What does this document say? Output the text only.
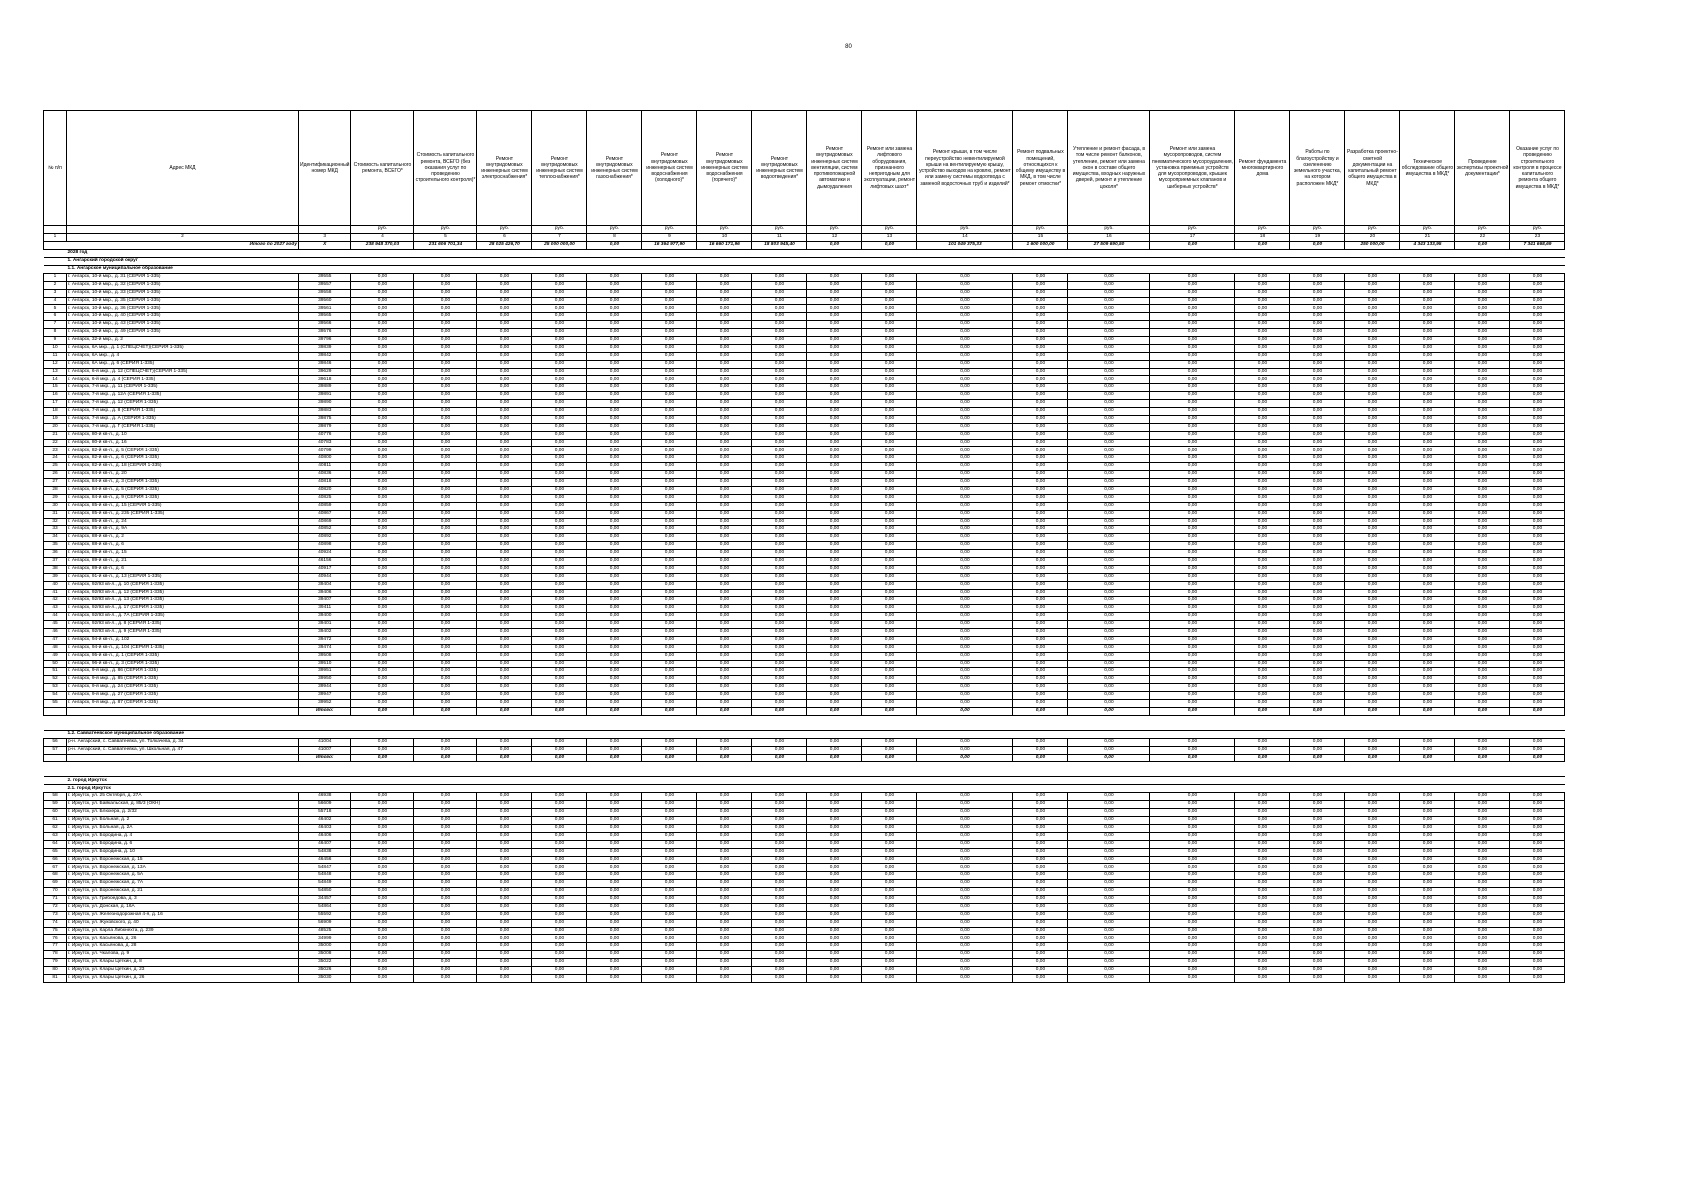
80
№ п/п	Адрес МКД	Идентификационный номер МКД	Стоимость капитального ремонта, ВСЕГО*	Стоимость капитального ремонта, ВСЕГО (без оказания услуг по проведению строительного контроля)*	Ремонт внутридомовых инженерных систем электроснабжения*	Ремонт внутридомовых инженерных систем теплоснабжения*	Ремонт внутридомовых инженерных систем газоснабжения*	Ремонт внутридомовых инженерных систем водоснабжения (холодного)*	Ремонт внутридомовых инженерных систем водоснабжения (горячего)*	Ремонт внутридомовых инженерных систем водоотведения*	Ремонт внутридомовых инженерных систем вентиляции, систем противопожарной автоматики и дымоудаления	Ремонт или замена лифтового оборудования, признанного непригодным для эксплуатации, ремонт лифтовых шахт*	Ремонт крыши, в том числе переустройство невентилируемой крыши на вентилируемую крышу, устройство выходов на кровлю, ремонт или замену системы водоотвода с заменой водосточных труб и изделий*	Ремонт подвальных помещений, относящихся к общему имуществу в МКД, в том числе ремонт отмостки*	Утепление и ремонт фасада, в том числе ремонт балконов, утепление, ремонт или замена окон в составе общего имущества, входных наружных дверей, ремонт и утепление цоколя*	Ремонт или замена мусоропроводов, систем пневматического мусороудаления, установка приемных устройств для мусоропроводов, крышек мусороприемных клапанов и шиберных устройств*	Ремонт фундамента многоквартирного дома	Работы по благоустройству и озеленению земельного участка, на котором расположен МКД*	Разработка проектно-сметной документации на капитальный ремонт общего имущества в МКД*	Техническое обследование общего имущества в МКД*	Проведение экспертизы проектной документации*	Оказание услуг по проведению строительного контроля в процессе капитального ремонта общего имущества в МКД*
			руб.	руб.	руб.	руб.	руб.	руб.	руб.	руб.	руб.	руб.	руб.	руб.	руб.	руб.	руб.	руб.	руб.	руб.	руб.	руб.
1	2	3	4	5	6	7	8	9	10	11	12	13	14	15	16	17	18	19	20	21	22	23
Итого по 2027 году		Х	238 948 370,03	231 606 701,34	28 025 426,70	25 000 000,00	0,00	16 364 977,90	16 660 171,96	18 803 945,40	0,00	0,00	101 049 375,33	1 600 000,00	27 509 690,50	0,00	0,00	0,00	250 000,00	4 343 133,95	0,00	7 341 668,69
	2028 год																					
	1. Ангарский городской округ																					
	1.1. Ангарское муниципальное образование																					
1	г. Ангарск, 10-й мкр., д. 31 (СЕРИЯ 1-335)	39555	0,00	0,00	0,00	0,00	0,00	0,00	0,00	0,00	0,00	0,00	0,00	0,00	0,00	0,00	0,00	0,00	0,00	0,00	0,00	0,00
2	г. Ангарск, 10-й мкр., д. 32 (СЕРИЯ 1-335)	39557	0,00	0,00	0,00	0,00	0,00	0,00	0,00	0,00	0,00	0,00	0,00	0,00	0,00	0,00	0,00	0,00	0,00	0,00	0,00	0,00
3	г. Ангарск, 10-й мкр., д. 33 (СЕРИЯ 1-335)	39558	0,00	0,00	0,00	0,00	0,00	0,00	0,00	0,00	0,00	0,00	0,00	0,00	0,00	0,00	0,00	0,00	0,00	0,00	0,00	0,00
4	г. Ангарск, 10-й мкр., д. 35 (СЕРИЯ 1-335)	39560	0,00	0,00	0,00	0,00	0,00	0,00	0,00	0,00	0,00	0,00	0,00	0,00	0,00	0,00	0,00	0,00	0,00	0,00	0,00	0,00
5	г. Ангарск, 10-й мкр., д. 36 (СЕРИЯ 1-335)	39561	0,00	0,00	0,00	0,00	0,00	0,00	0,00	0,00	0,00	0,00	0,00	0,00	0,00	0,00	0,00	0,00	0,00	0,00	0,00	0,00
6	г. Ангарск, 10-й мкр., д. 40 (СЕРИЯ 1-335)	39565	0,00	0,00	0,00	0,00	0,00	0,00	0,00	0,00	0,00	0,00	0,00	0,00	0,00	0,00	0,00	0,00	0,00	0,00	0,00	0,00
7	г. Ангарск, 10-й мкр., д. 43 (СЕРИЯ 1-335)	39566	0,00	0,00	0,00	0,00	0,00	0,00	0,00	0,00	0,00	0,00	0,00	0,00	0,00	0,00	0,00	0,00	0,00	0,00	0,00	0,00
8	г. Ангарск, 10-й мкр., д. 49 (СЕРИЯ 1-335)	39576	0,00	0,00	0,00	0,00	0,00	0,00	0,00	0,00	0,00	0,00	0,00	0,00	0,00	0,00	0,00	0,00	0,00	0,00	0,00	0,00
9	г. Ангарск, 32-й мкр., д. 2	39796	0,00	0,00	0,00	0,00	0,00	0,00	0,00	0,00	0,00	0,00	0,00	0,00	0,00	0,00	0,00	0,00	0,00	0,00	0,00	0,00
10	г. Ангарск, 6А мкр., д. 1 (СПЕЦСЧЕТ)(СЕРИЯ 1-335)	39839	0,00	0,00	0,00	0,00	0,00	0,00	0,00	0,00	0,00	0,00	0,00	0,00	0,00	0,00	0,00	0,00	0,00	0,00	0,00	0,00
11	г. Ангарск, 6А мкр., д. 4	39842	0,00	0,00	0,00	0,00	0,00	0,00	0,00	0,00	0,00	0,00	0,00	0,00	0,00	0,00	0,00	0,00	0,00	0,00	0,00	0,00
12	г. Ангарск, 6А мкр., д. 6 (СЕРИЯ 1-335)	39846	0,00	0,00	0,00	0,00	0,00	0,00	0,00	0,00	0,00	0,00	0,00	0,00	0,00	0,00	0,00	0,00	0,00	0,00	0,00	0,00
13	г. Ангарск, 6-й мкр., д. 12 (СПЕЦСЧЕТ)(СЕРИЯ 1-335)	39629	0,00	0,00	0,00	0,00	0,00	0,00	0,00	0,00	0,00	0,00	0,00	0,00	0,00	0,00	0,00	0,00	0,00	0,00	0,00	0,00
14	г. Ангарск, 6-й мкр., д. 4 (СЕРИЯ 1-335)	39618	0,00	0,00	0,00	0,00	0,00	0,00	0,00	0,00	0,00	0,00	0,00	0,00	0,00	0,00	0,00	0,00	0,00	0,00	0,00	0,00
15	г. Ангарск, 7-й мкр., д. 11 (СЕРИЯ 1-335)	39889	0,00	0,00	0,00	0,00	0,00	0,00	0,00	0,00	0,00	0,00	0,00	0,00	0,00	0,00	0,00	0,00	0,00	0,00	0,00	0,00
16	г. Ангарск, 7-й мкр., д. 12А (СЕРИЯ 1-335)	39891	0,00	0,00	0,00	0,00	0,00	0,00	0,00	0,00	0,00	0,00	0,00	0,00	0,00	0,00	0,00	0,00	0,00	0,00	0,00	0,00
17	г. Ангарск, 7-й мкр., д. 12 (СЕРИЯ 1-335)	39890	0,00	0,00	0,00	0,00	0,00	0,00	0,00	0,00	0,00	0,00	0,00	0,00	0,00	0,00	0,00	0,00	0,00	0,00	0,00	0,00
18	г. Ангарск, 7-й мкр., д. 8 (СЕРИЯ 1-335)	39883	0,00	0,00	0,00	0,00	0,00	0,00	0,00	0,00	0,00	0,00	0,00	0,00	0,00	0,00	0,00	0,00	0,00	0,00	0,00	0,00
19	г. Ангарск, 7-й мкр., д. А (СЕРИЯ 1-335)	39875	0,00	0,00	0,00	0,00	0,00	0,00	0,00	0,00	0,00	0,00	0,00	0,00	0,00	0,00	0,00	0,00	0,00	0,00	0,00	0,00
20	г. Ангарск, 7-й мкр., д. Г (СЕРИЯ 1-335)	39879	0,00	0,00	0,00	0,00	0,00	0,00	0,00	0,00	0,00	0,00	0,00	0,00	0,00	0,00	0,00	0,00	0,00	0,00	0,00	0,00
21	г. Ангарск, 80-й кв-л., д. 10	40776	0,00	0,00	0,00	0,00	0,00	0,00	0,00	0,00	0,00	0,00	0,00	0,00	0,00	0,00	0,00	0,00	0,00	0,00	0,00	0,00
22	г. Ангарск, 80-й кв-л., д. 16	40783	0,00	0,00	0,00	0,00	0,00	0,00	0,00	0,00	0,00	0,00	0,00	0,00	0,00	0,00	0,00	0,00	0,00	0,00	0,00	0,00
23	г. Ангарск, 82-й кв-л., д. 5 (СЕРИЯ 1-335)	40799	0,00	0,00	0,00	0,00	0,00	0,00	0,00	0,00	0,00	0,00	0,00	0,00	0,00	0,00	0,00	0,00	0,00	0,00	0,00	0,00
24	г. Ангарск, 82-й кв-л., д. 6 (СЕРИЯ 1-335)	40800	0,00	0,00	0,00	0,00	0,00	0,00	0,00	0,00	0,00	0,00	0,00	0,00	0,00	0,00	0,00	0,00	0,00	0,00	0,00	0,00
25	г. Ангарск, 82-й кв-л., д. 18 (СЕРИЯ 1-335)	40811	0,00	0,00	0,00	0,00	0,00	0,00	0,00	0,00	0,00	0,00	0,00	0,00	0,00	0,00	0,00	0,00	0,00	0,00	0,00	0,00
26	г. Ангарск, 84-й кв-л., д. 20	40836	0,00	0,00	0,00	0,00	0,00	0,00	0,00	0,00	0,00	0,00	0,00	0,00	0,00	0,00	0,00	0,00	0,00	0,00	0,00	0,00
27	г. Ангарск, 84-й кв-л., д. 3 (СЕРИЯ 1-335)	40818	0,00	0,00	0,00	0,00	0,00	0,00	0,00	0,00	0,00	0,00	0,00	0,00	0,00	0,00	0,00	0,00	0,00	0,00	0,00	0,00
28	г. Ангарск, 84-й кв-л., д. 5 (СЕРИЯ 1-335)	40820	0,00	0,00	0,00	0,00	0,00	0,00	0,00	0,00	0,00	0,00	0,00	0,00	0,00	0,00	0,00	0,00	0,00	0,00	0,00	0,00
29	г. Ангарск, 84-й кв-л., д. 9 (СЕРИЯ 1-335)	40825	0,00	0,00	0,00	0,00	0,00	0,00	0,00	0,00	0,00	0,00	0,00	0,00	0,00	0,00	0,00	0,00	0,00	0,00	0,00	0,00
30	г. Ангарск, 85-й кв-л., д. 15 (СЕРИЯ 1-335)	40859	0,00	0,00	0,00	0,00	0,00	0,00	0,00	0,00	0,00	0,00	0,00	0,00	0,00	0,00	0,00	0,00	0,00	0,00	0,00	0,00
31	г. Ангарск, 85-й кв-л., д. 23б (СЕРИЯ 1-335)	40867	0,00	0,00	0,00	0,00	0,00	0,00	0,00	0,00	0,00	0,00	0,00	0,00	0,00	0,00	0,00	0,00	0,00	0,00	0,00	0,00
32	г. Ангарск, 85-й кв-л., д. 24	40869	0,00	0,00	0,00	0,00	0,00	0,00	0,00	0,00	0,00	0,00	0,00	0,00	0,00	0,00	0,00	0,00	0,00	0,00	0,00	0,00
33	г. Ангарск, 85-й кв-л., д. 9А	40852	0,00	0,00	0,00	0,00	0,00	0,00	0,00	0,00	0,00	0,00	0,00	0,00	0,00	0,00	0,00	0,00	0,00	0,00	0,00	0,00
34	г. Ангарск, 88-й кв-л., д. 2	40892	0,00	0,00	0,00	0,00	0,00	0,00	0,00	0,00	0,00	0,00	0,00	0,00	0,00	0,00	0,00	0,00	0,00	0,00	0,00	0,00
35	г. Ангарск, 88-й кв-л., д. 6	40898	0,00	0,00	0,00	0,00	0,00	0,00	0,00	0,00	0,00	0,00	0,00	0,00	0,00	0,00	0,00	0,00	0,00	0,00	0,00	0,00
36	г. Ангарск, 89-й кв-л., д. 15	40924	0,00	0,00	0,00	0,00	0,00	0,00	0,00	0,00	0,00	0,00	0,00	0,00	0,00	0,00	0,00	0,00	0,00	0,00	0,00	0,00
37	г. Ангарск, 89-й кв-л., д. 21	46156	0,00	0,00	0,00	0,00	0,00	0,00	0,00	0,00	0,00	0,00	0,00	0,00	0,00	0,00	0,00	0,00	0,00	0,00	0,00	0,00
38	г. Ангарск, 89-й кв-л., д. 6	40917	0,00	0,00	0,00	0,00	0,00	0,00	0,00	0,00	0,00	0,00	0,00	0,00	0,00	0,00	0,00	0,00	0,00	0,00	0,00	0,00
39	г. Ангарск, 91-й кв-л., д. 13 (СЕРИЯ 1-335)	40944	0,00	0,00	0,00	0,00	0,00	0,00	0,00	0,00	0,00	0,00	0,00	0,00	0,00	0,00	0,00	0,00	0,00	0,00	0,00	0,00
40	г. Ангарск, 92/93 кв-л., д. 10 (СЕРИЯ 1-335)	39404	0,00	0,00	0,00	0,00	0,00	0,00	0,00	0,00	0,00	0,00	0,00	0,00	0,00	0,00	0,00	0,00	0,00	0,00	0,00	0,00
41	г. Ангарск, 92/93 кв-л., д. 12 (СЕРИЯ 1-335)	39406	0,00	0,00	0,00	0,00	0,00	0,00	0,00	0,00	0,00	0,00	0,00	0,00	0,00	0,00	0,00	0,00	0,00	0,00	0,00	0,00
42	г. Ангарск, 92/93 кв-л., д. 13 (СЕРИЯ 1-335)	39407	0,00	0,00	0,00	0,00	0,00	0,00	0,00	0,00	0,00	0,00	0,00	0,00	0,00	0,00	0,00	0,00	0,00	0,00	0,00	0,00
43	г. Ангарск, 92/93 кв-л., д. 17 (СЕРИЯ 1-335)	39411	0,00	0,00	0,00	0,00	0,00	0,00	0,00	0,00	0,00	0,00	0,00	0,00	0,00	0,00	0,00	0,00	0,00	0,00	0,00	0,00
44	г. Ангарск, 92/93 кв-л., д. 7А (СЕРИЯ 1-335)	39400	0,00	0,00	0,00	0,00	0,00	0,00	0,00	0,00	0,00	0,00	0,00	0,00	0,00	0,00	0,00	0,00	0,00	0,00	0,00	0,00
45	г. Ангарск, 92/93 кв-л., д. 8 (СЕРИЯ 1-335)	39401	0,00	0,00	0,00	0,00	0,00	0,00	0,00	0,00	0,00	0,00	0,00	0,00	0,00	0,00	0,00	0,00	0,00	0,00	0,00	0,00
46	г. Ангарск, 92/93 кв-л., д. 9 (СЕРИЯ 1-335)	39402	0,00	0,00	0,00	0,00	0,00	0,00	0,00	0,00	0,00	0,00	0,00	0,00	0,00	0,00	0,00	0,00	0,00	0,00	0,00	0,00
47	г. Ангарск, 94-й кв-л., д. 102	39472	0,00	0,00	0,00	0,00	0,00	0,00	0,00	0,00	0,00	0,00	0,00	0,00	0,00	0,00	0,00	0,00	0,00	0,00	0,00	0,00
48	г. Ангарск, 94-й кв-л., д. 104 (СЕРИЯ 1-335)	39474	0,00	0,00	0,00	0,00	0,00	0,00	0,00	0,00	0,00	0,00	0,00	0,00	0,00	0,00	0,00	0,00	0,00	0,00	0,00	0,00
49	г. Ангарск, 95-й кв-л., д. 1 (СЕРИЯ 1-335)	39508	0,00	0,00	0,00	0,00	0,00	0,00	0,00	0,00	0,00	0,00	0,00	0,00	0,00	0,00	0,00	0,00	0,00	0,00	0,00	0,00
50	г. Ангарск, 96-й кв-л., д. 3 (СЕРИЯ 1-335)	39510	0,00	0,00	0,00	0,00	0,00	0,00	0,00	0,00	0,00	0,00	0,00	0,00	0,00	0,00	0,00	0,00	0,00	0,00	0,00	0,00
51	г. Ангарск, 9-й мкр., д. 86 (СЕРИЯ 1-335)	39951	0,00	0,00	0,00	0,00	0,00	0,00	0,00	0,00	0,00	0,00	0,00	0,00	0,00	0,00	0,00	0,00	0,00	0,00	0,00	0,00
52	г. Ангарск, 9-й мкр., д. 85 (СЕРИЯ 1-335)	39950	0,00	0,00	0,00	0,00	0,00	0,00	0,00	0,00	0,00	0,00	0,00	0,00	0,00	0,00	0,00	0,00	0,00	0,00	0,00	0,00
53	г. Ангарск, 9-й мкр., д. 24 (СЕРИЯ 1-335)	39944	0,00	0,00	0,00	0,00	0,00	0,00	0,00	0,00	0,00	0,00	0,00	0,00	0,00	0,00	0,00	0,00	0,00	0,00	0,00	0,00
54	г. Ангарск, 9-й мкр., д. 27 (СЕРИЯ 1-335)	39947	0,00	0,00	0,00	0,00	0,00	0,00	0,00	0,00	0,00	0,00	0,00	0,00	0,00	0,00	0,00	0,00	0,00	0,00	0,00	0,00
55	г. Ангарск, 9-й мкр., д. 87 (СЕРИЯ 1-335)	39952	0,00	0,00	0,00	0,00	0,00	0,00	0,00	0,00	0,00	0,00	0,00	0,00	0,00	0,00	0,00	0,00	0,00	0,00	0,00	0,00
		Итого:	0,00	0,00	0,00	0,00	0,00	0,00	0,00	0,00	0,00	0,00	0,00	0,00	0,00	0,00	0,00	0,00	0,00	0,00	0,00	0,00

	1.2. Савватеевское муниципальное образование																					
56	р-н. Ангарский, с. Савватеевка, ул. Толкачева, д. 34	41004	0,00	0,00	0,00	0,00	0,00	0,00	0,00	0,00	0,00	0,00	0,00	0,00	0,00	0,00	0,00	0,00	0,00	0,00	0,00	0,00
57	р-н. Ангарский, с. Савватеевка, ул. Школьная, д. 47	41007	0,00	0,00	0,00	0,00	0,00	0,00	0,00	0,00	0,00	0,00	0,00	0,00	0,00	0,00	0,00	0,00	0,00	0,00	0,00	0,00
		Итого:	0,00	0,00	0,00	0,00	0,00	0,00	0,00	0,00	0,00	0,00	0,00	0,00	0,00	0,00	0,00	0,00	0,00	0,00	0,00	0,00

	2. город Иркутск																					
	2.1. город Иркутск																					
58	г. Иркутск, ул. 25 Октября, д. 27А	46938	0,00	0,00	0,00	0,00	0,00	0,00	0,00	0,00	0,00	0,00	0,00	0,00	0,00	0,00	0,00	0,00	0,00	0,00	0,00	0,00
59	г. Иркутск, ул. Байкальская, д. 85/3 (ОКН)	56609	0,00	0,00	0,00	0,00	0,00	0,00	0,00	0,00	0,00	0,00	0,00	0,00	0,00	0,00	0,00	0,00	0,00	0,00	0,00	0,00
60	г. Иркутск, ул. Блюхера, д. 2/32	55718	0,00	0,00	0,00	0,00	0,00	0,00	0,00	0,00	0,00	0,00	0,00	0,00	0,00	0,00	0,00	0,00	0,00	0,00	0,00	0,00
61	г. Иркутск, ул. Больная, д. 2	46402	0,00	0,00	0,00	0,00	0,00	0,00	0,00	0,00	0,00	0,00	0,00	0,00	0,00	0,00	0,00	0,00	0,00	0,00	0,00	0,00
62	г. Иркутск, ул. Больная, д. 2А	46403	0,00	0,00	0,00	0,00	0,00	0,00	0,00	0,00	0,00	0,00	0,00	0,00	0,00	0,00	0,00	0,00	0,00	0,00	0,00	0,00
63	г. Иркутск, ул. Бородина, д. 4	46406	0,00	0,00	0,00	0,00	0,00	0,00	0,00	0,00	0,00	0,00	0,00	0,00	0,00	0,00	0,00	0,00	0,00	0,00	0,00	0,00
64	г. Иркутск, ул. Бородина, д. 6	46407	0,00	0,00	0,00	0,00	0,00	0,00	0,00	0,00	0,00	0,00	0,00	0,00	0,00	0,00	0,00	0,00	0,00	0,00	0,00	0,00
65	г. Иркутск, ул. Бородина, д. 10	54838	0,00	0,00	0,00	0,00	0,00	0,00	0,00	0,00	0,00	0,00	0,00	0,00	0,00	0,00	0,00	0,00	0,00	0,00	0,00	0,00
66	г. Иркутск, ул. Воронежская, д. 15	46456	0,00	0,00	0,00	0,00	0,00	0,00	0,00	0,00	0,00	0,00	0,00	0,00	0,00	0,00	0,00	0,00	0,00	0,00	0,00	0,00
67	г. Иркутск, ул. Воронежская, д. 13А	54847	0,00	0,00	0,00	0,00	0,00	0,00	0,00	0,00	0,00	0,00	0,00	0,00	0,00	0,00	0,00	0,00	0,00	0,00	0,00	0,00
68	г. Иркутск, ул. Воронежская, д. 5А	54848	0,00	0,00	0,00	0,00	0,00	0,00	0,00	0,00	0,00	0,00	0,00	0,00	0,00	0,00	0,00	0,00	0,00	0,00	0,00	0,00
69	г. Иркутск, ул. Воронежская, д. 7А	54849	0,00	0,00	0,00	0,00	0,00	0,00	0,00	0,00	0,00	0,00	0,00	0,00	0,00	0,00	0,00	0,00	0,00	0,00	0,00	0,00
70	г. Иркутск, ул. Воронежская, д. 21	54850	0,00	0,00	0,00	0,00	0,00	0,00	0,00	0,00	0,00	0,00	0,00	0,00	0,00	0,00	0,00	0,00	0,00	0,00	0,00	0,00
71	г. Иркутск, ул. Грибоедова, д. 3	34457	0,00	0,00	0,00	0,00	0,00	0,00	0,00	0,00	0,00	0,00	0,00	0,00	0,00	0,00	0,00	0,00	0,00	0,00	0,00	0,00
72	г. Иркутск, ул. Донская, д. 16А	54864	0,00	0,00	0,00	0,00	0,00	0,00	0,00	0,00	0,00	0,00	0,00	0,00	0,00	0,00	0,00	0,00	0,00	0,00	0,00	0,00
73	г. Иркутск, ул. Железнодорожная 4-я, д. 16	55592	0,00	0,00	0,00	0,00	0,00	0,00	0,00	0,00	0,00	0,00	0,00	0,00	0,00	0,00	0,00	0,00	0,00	0,00	0,00	0,00
74	г. Иркутск, ул. Жуковского, д. 40	56909	0,00	0,00	0,00	0,00	0,00	0,00	0,00	0,00	0,00	0,00	0,00	0,00	0,00	0,00	0,00	0,00	0,00	0,00	0,00	0,00
75	г. Иркутск, ул. Карла Либкнехта, д. 239	48525	0,00	0,00	0,00	0,00	0,00	0,00	0,00	0,00	0,00	0,00	0,00	0,00	0,00	0,00	0,00	0,00	0,00	0,00	0,00	0,00
76	г. Иркутск, ул. Касьянова, д. 26	34999	0,00	0,00	0,00	0,00	0,00	0,00	0,00	0,00	0,00	0,00	0,00	0,00	0,00	0,00	0,00	0,00	0,00	0,00	0,00	0,00
77	г. Иркутск, ул. Касьянова, д. 28	35000	0,00	0,00	0,00	0,00	0,00	0,00	0,00	0,00	0,00	0,00	0,00	0,00	0,00	0,00	0,00	0,00	0,00	0,00	0,00	0,00
78	г. Иркутск, ул. Чкалова, д. 9	35008	0,00	0,00	0,00	0,00	0,00	0,00	0,00	0,00	0,00	0,00	0,00	0,00	0,00	0,00	0,00	0,00	0,00	0,00	0,00	0,00
79	г. Иркутск, ул. Клары Цеткин, д. 8	35022	0,00	0,00	0,00	0,00	0,00	0,00	0,00	0,00	0,00	0,00	0,00	0,00	0,00	0,00	0,00	0,00	0,00	0,00	0,00	0,00
80	г. Иркутск, ул. Клары Цеткин, д. 23	35026	0,00	0,00	0,00	0,00	0,00	0,00	0,00	0,00	0,00	0,00	0,00	0,00	0,00	0,00	0,00	0,00	0,00	0,00	0,00	0,00
81	г. Иркутск, ул. Клары Цеткин, д. 26	35030	0,00	0,00	0,00	0,00	0,00	0,00	0,00	0,00	0,00	0,00	0,00	0,00	0,00	0,00	0,00	0,00	0,00	0,00	0,00	0,00
